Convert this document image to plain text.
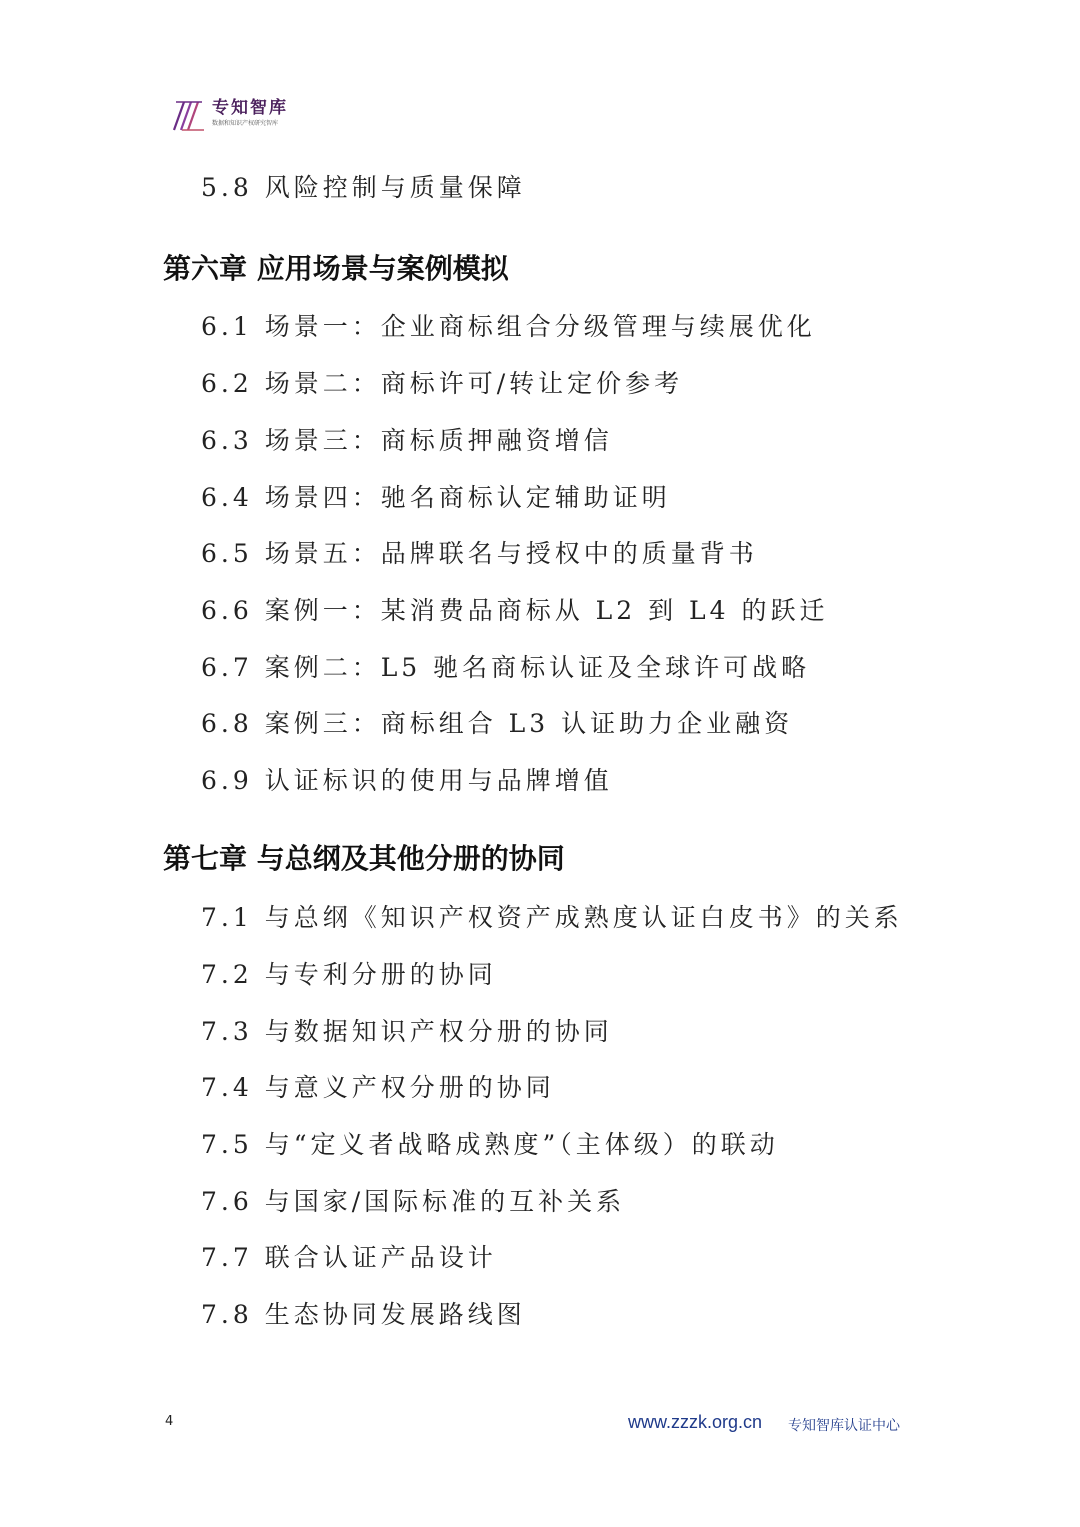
专知智库
数据和知识产权研究智库
5.8 风险控制与质量保障
第六章 应用场景与案例模拟
6.1 场景一：企业商标组合分级管理与续展优化
6.2 场景二：商标许可/转让定价参考
6.3 场景三：商标质押融资增信
6.4 场景四：驰名商标认定辅助证明
6.5 场景五：品牌联名与授权中的质量背书
6.6 案例一：某消费品商标从 L2 到 L4 的跃迁
6.7 案例二：L5 驰名商标认证及全球许可战略
6.8 案例三：商标组合 L3 认证助力企业融资
6.9 认证标识的使用与品牌增值
第七章 与总纲及其他分册的协同
7.1 与总纲《知识产权资产成熟度认证白皮书》的关系
7.2 与专利分册的协同
7.3 与数据知识产权分册的协同
7.4 与意义产权分册的协同
7.5 与“定义者战略成熟度”（主体级）的联动
7.6 与国家/国际标准的互补关系
7.7 联合认证产品设计
7.8 生态协同发展路线图
4	www.zzzk.org.cn 专知智库认证中心
